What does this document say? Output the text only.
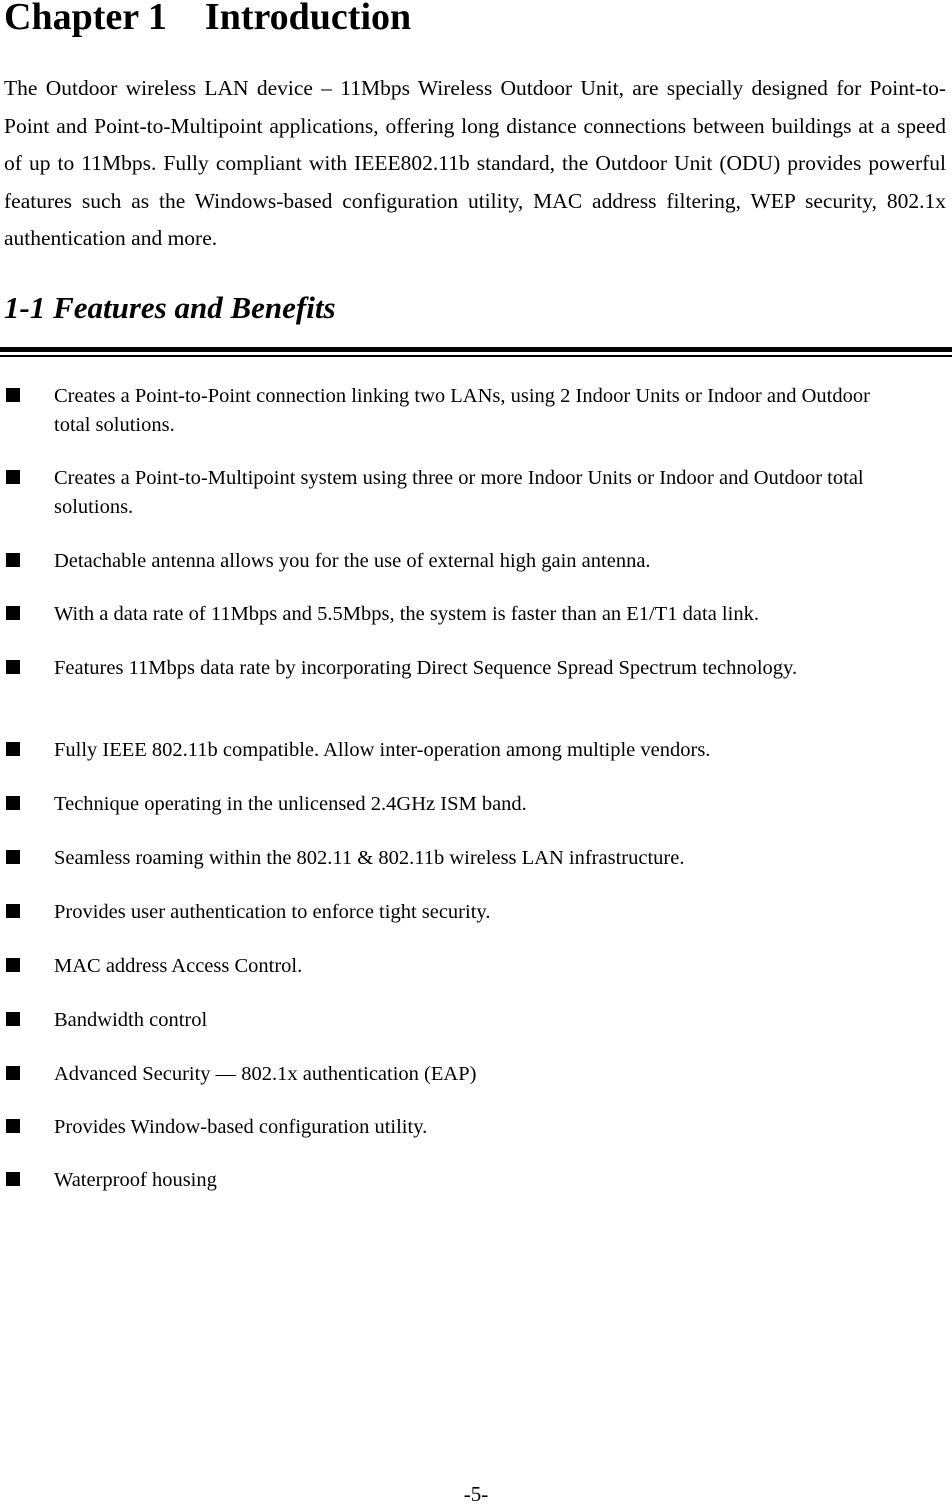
Chapter 1    Introduction

The Outdoor wireless LAN device – 11Mbps Wireless Outdoor Unit, are specially designed for Point-to-Point and Point-to-Multipoint applications, offering long distance connections between buildings at a speed of up to 11Mbps. Fully compliant with IEEE802.11b standard, the Outdoor Unit (ODU) provides powerful features such as the Windows-based configuration utility, MAC address filtering, WEP security, 802.1x authentication and more.

1-1 Features and Benefits
Creates a Point-to-Point connection linking two LANs, using 2 Indoor Units or Indoor and Outdoor total solutions.
Creates a Point-to-Multipoint system using three or more Indoor Units or Indoor and Outdoor total solutions.
Detachable antenna allows you for the use of external high gain antenna.
With a data rate of 11Mbps and 5.5Mbps, the system is faster than an E1/T1 data link.
Features 11Mbps data rate by incorporating Direct Sequence Spread Spectrum technology.
Fully IEEE 802.11b compatible. Allow inter-operation among multiple vendors.
Technique operating in the unlicensed 2.4GHz ISM band.
Seamless roaming within the 802.11 & 802.11b wireless LAN infrastructure.
Provides user authentication to enforce tight security.
MAC address Access Control.
Bandwidth control
Advanced Security — 802.1x authentication (EAP)
Provides Window-based configuration utility.
Waterproof housing
-5-
